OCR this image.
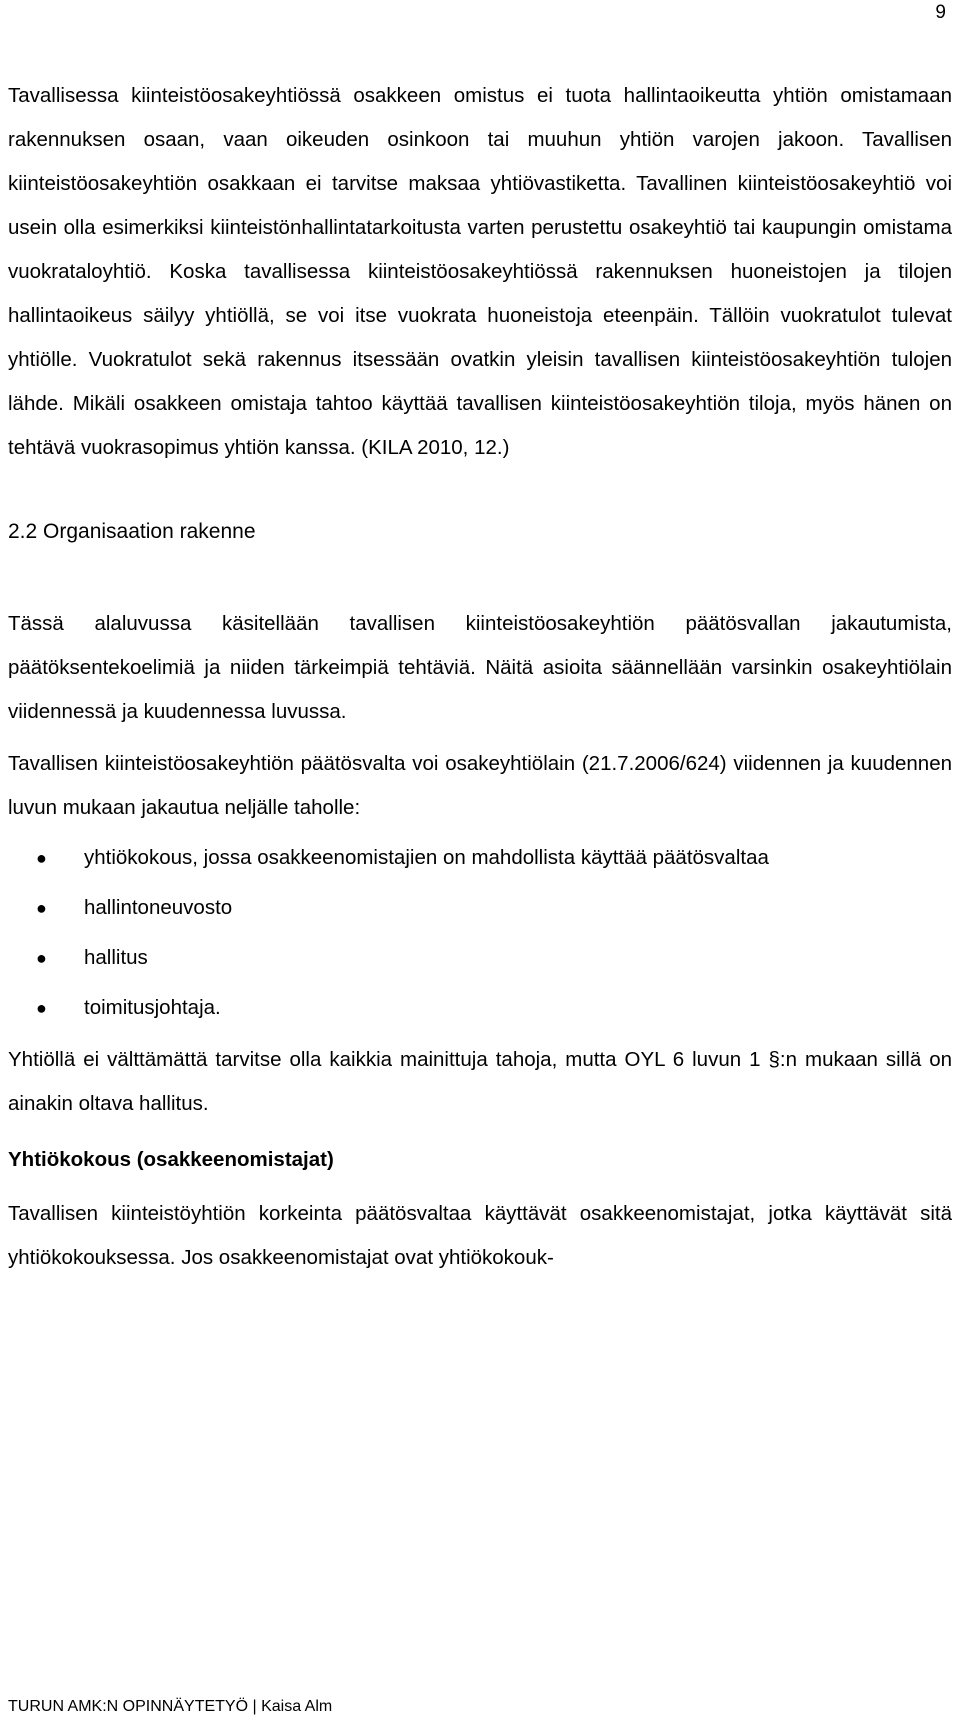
9

Tavallisessa kiinteistöosakeyhtiössä osakkeen omistus ei tuota hallintaoikeutta yhtiön omistamaan rakennuksen osaan, vaan oikeuden osinkoon tai muuhun yhtiön varojen jakoon. Tavallisen kiinteistöosakeyhtiön osakkaan ei tarvitse maksaa yhtiövastiketta. Tavallinen kiinteistöosakeyhtiö voi usein olla esimerkiksi kiinteistönhallintatarkoitusta varten perustettu osakeyhtiö tai kaupungin omistama vuokrataloyhtiö. Koska tavallisessa kiinteistöosakeyhtiössä rakennuksen huoneistojen ja tilojen hallintaoikeus säilyy yhtiöllä, se voi itse vuokrata huoneistoja eteenpäin. Tällöin vuokratulot tulevat yhtiölle. Vuokratulot sekä rakennus itsessään ovatkin yleisin tavallisen kiinteistöosakeyhtiön tulojen lähde. Mikäli osakkeen omistaja tahtoo käyttää tavallisen kiinteistöosakeyhtiön tiloja, myös hänen on tehtävä vuokrasopimus yhtiön kanssa. (KILA 2010, 12.)

2.2 Organisaation rakenne

Tässä alaluvussa käsitellään tavallisen kiinteistöosakeyhtiön päätösvallan jakautumista, päätöksentekoelimiä ja niiden tärkeimpiä tehtäviä. Näitä asioita säännellään varsinkin osakeyhtiölain viidennessä ja kuudennessa luvussa.

Tavallisen kiinteistöosakeyhtiön päätösvalta voi osakeyhtiölain (21.7.2006/624) viidennen ja kuudennen luvun mukaan jakautua neljälle taholle:

● yhtiökokous, jossa osakkeenomistajien on mahdollista käyttää päätösvaltaa
● hallintoneuvosto
● hallitus
● toimitusjohtaja.

Yhtiöllä ei välttämättä tarvitse olla kaikkia mainittuja tahoja, mutta OYL 6 luvun 1 §:n mukaan sillä on ainakin oltava hallitus.

Yhtiökokous (osakkeenomistajat)

Tavallisen kiinteistöyhtiön korkeinta päätösvaltaa käyttävät osakkeenomistajat, jotka käyttävät sitä yhtiökokouksessa. Jos osakkeenomistajat ovat yhtiökokouk-

TURUN AMK:N OPINNÄYTETYÖ | Kaisa Alm
